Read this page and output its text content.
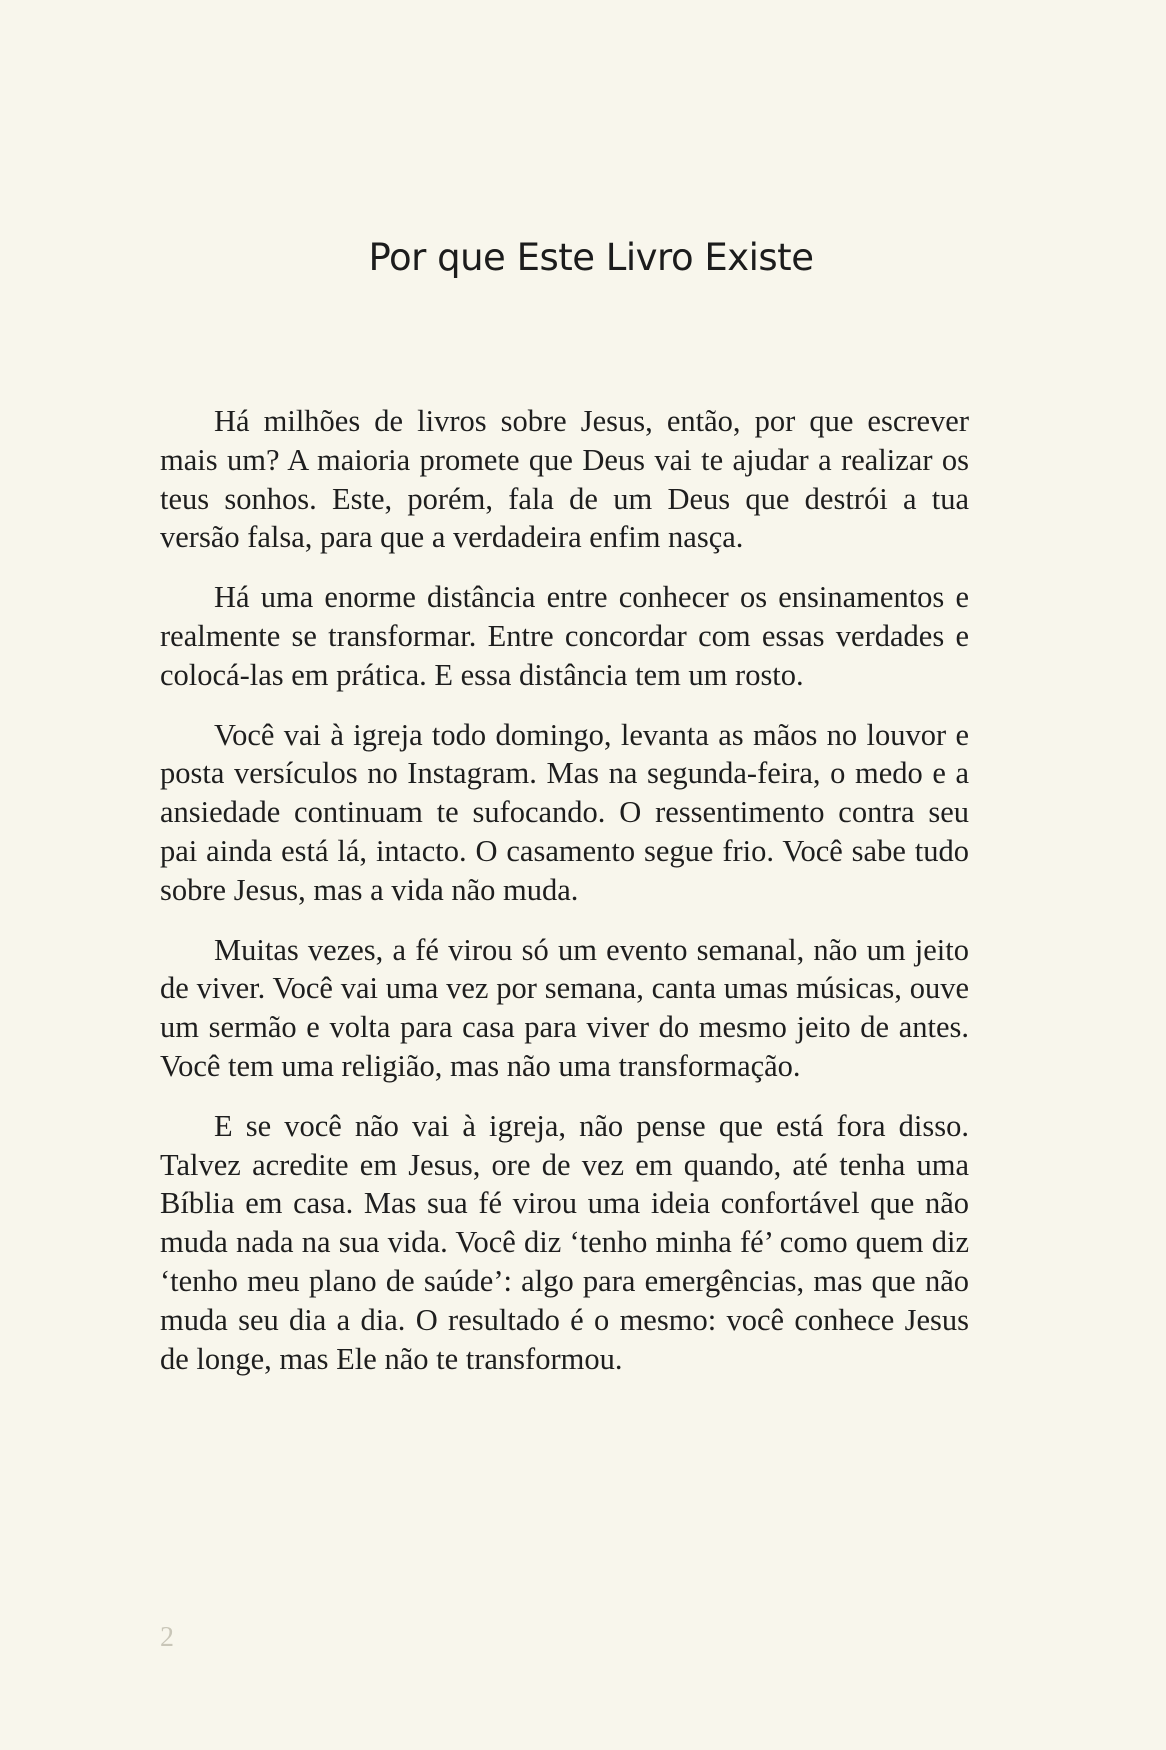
Por que Este Livro Existe

Há milhões de livros sobre Jesus, então, por que escrever mais um? A maioria promete que Deus vai te ajudar a realizar os teus sonhos. Este, porém, fala de um Deus que destrói a tua versão falsa, para que a verdadeira enfim nasça.

Há uma enorme distância entre conhecer os ensinamentos e realmente se transformar. Entre concordar com essas verdades e colocá-las em prática. E essa distância tem um rosto.

Você vai à igreja todo domingo, levanta as mãos no louvor e posta versículos no Instagram. Mas na segunda-feira, o medo e a ansiedade continuam te sufocando. O ressentimento contra seu pai ainda está lá, intacto. O casamento segue frio. Você sabe tudo sobre Jesus, mas a vida não muda.

Muitas vezes, a fé virou só um evento semanal, não um jeito de viver. Você vai uma vez por semana, canta umas músicas, ouve um sermão e volta para casa para viver do mesmo jeito de antes. Você tem uma religião, mas não uma transformação.

E se você não vai à igreja, não pense que está fora disso. Talvez acredite em Jesus, ore de vez em quando, até tenha uma Bíblia em casa. Mas sua fé virou uma ideia confortável que não muda nada na sua vida. Você diz ‘tenho minha fé’ como quem diz ‘tenho meu plano de saúde’: algo para emergências, mas que não muda seu dia a dia. O resultado é o mesmo: você conhece Jesus de longe, mas Ele não te transformou.

2
